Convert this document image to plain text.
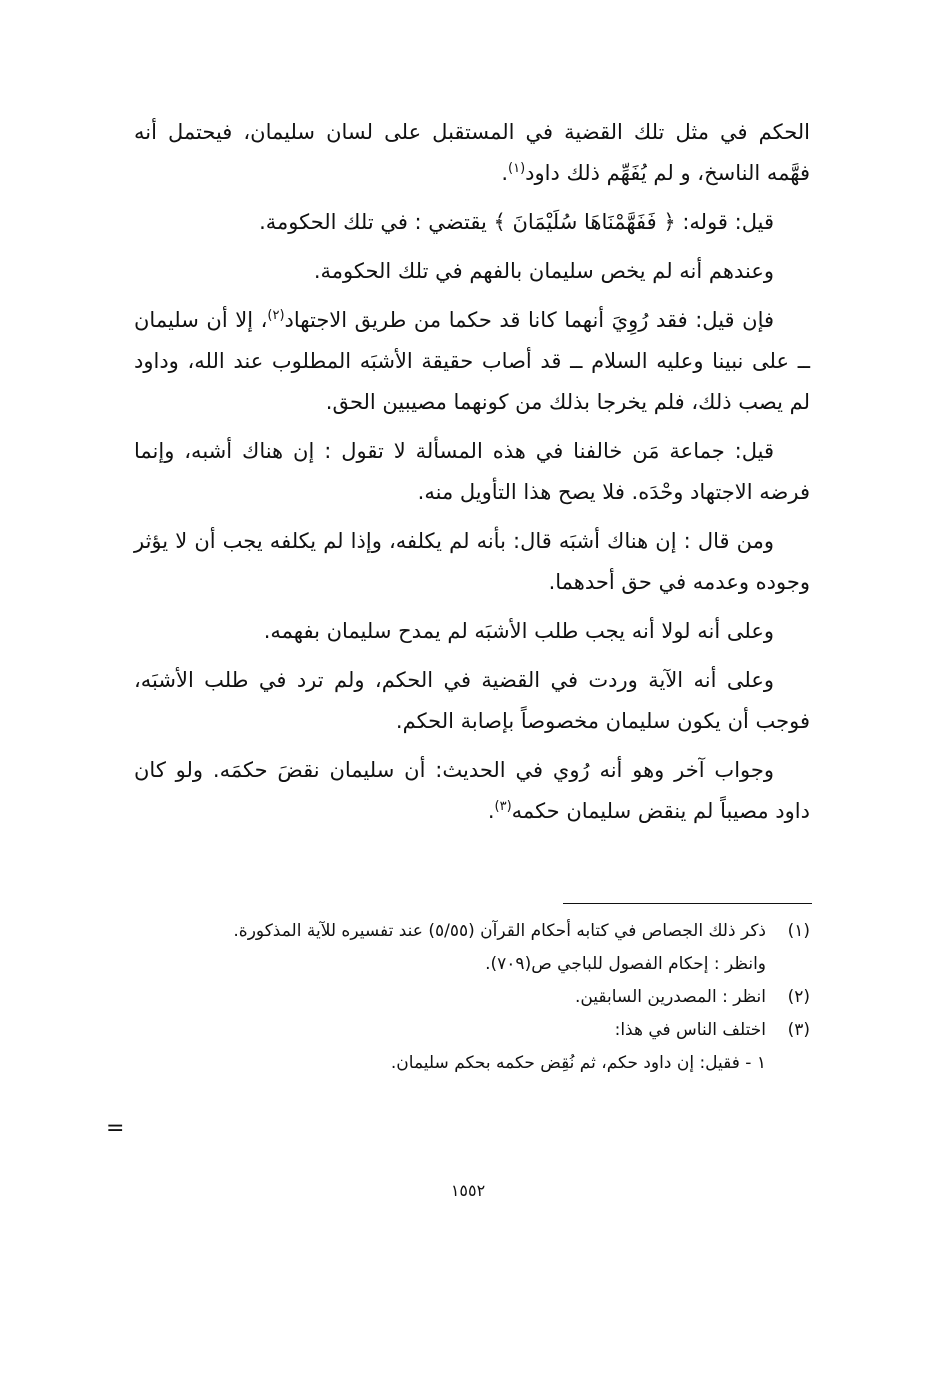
الحكم في مثل تلك القضية في المستقبل على لسان سليمان، فيحتمل أنه فهَّمه الناسخ، و لم يُفَهِّم ذلك داود$^{(١)}$.

قيل: قوله: ﴿ فَفَهَّمْنَاهَا سُلَيْمَانَ ﴾ يقتضي : في تلك الحكومة.

وعندهم أنه لم يخص سليمان بالفهم في تلك الحكومة.

فإن قيل: فقد رُوِيَ أنهما كانا قد حكما من طريق الاجتهاد$^{(٢)}$، إلا أن سليمان ــ على نبينا وعليه السلام ــ قد أصاب حقيقة الأشبَه المطلوب عند الله، وداود لم يصب ذلك، فلم يخرجا بذلك من كونهما مصيبين الحق.

قيل: جماعة مَن خالفنا في هذه المسألة لا تقول : إن هناك أشبه، وإنما فرضه الاجتهاد وحْدَه. فلا يصح هذا التأويل منه.

ومن قال : إن هناك أشبَه قال: بأنه لم يكلفه، وإذا لم يكلفه يجب أن لا يؤثر وجوده وعدمه في حق أحدهما.

وعلى أنه لولا أنه يجب طلب الأشبَه لم يمدح سليمان بفهمه.

وعلى أنه الآية وردت في القضية في الحكم، ولم ترد في طلب الأشبَه، فوجب أن يكون سليمان مخصوصاً بإصابة الحكم.

وجواب آخر وهو أنه رُوي في الحديث: أن سليمان نقضَ حكمَه. ولو كان داود مصيباً لم ينقض سليمان حكمه$^{(٣)}$.

(١)
ذكر ذلك الجصاص في كتابه أحكام القرآن (٥/٥٥) عند تفسيره للآية المذكورة.
وانظر : إحكام الفصول للباجي ص(٧٠٩).
(٢)
انظر : المصدرين السابقين.
(٣)
اختلف الناس في هذا:
١ - فقيل: إن داود حكم، ثم نُقِض حكمه بحكم سليمان.
=
١٥٥٢
